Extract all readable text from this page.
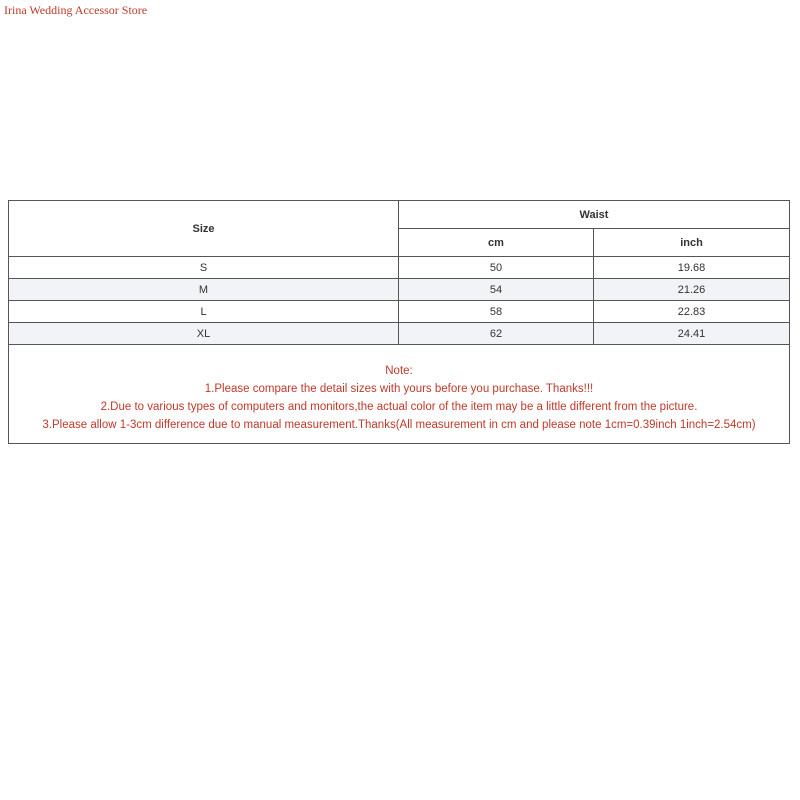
Irina Wedding Accessor Store
Size	Waist	
	cm	inch
S	50	19.68
M	54	21.26
L	58	22.83
XL	62	24.41

Note:
1.Please compare the detail sizes with yours before you purchase. Thanks!!!
2.Due to various types of computers and monitors,the actual color of the item may be a little different from the picture.
3.Please allow 1-3cm difference due to manual measurement.Thanks(All measurement in cm and please note 1cm=0.39inch 1inch=2.54cm)		
